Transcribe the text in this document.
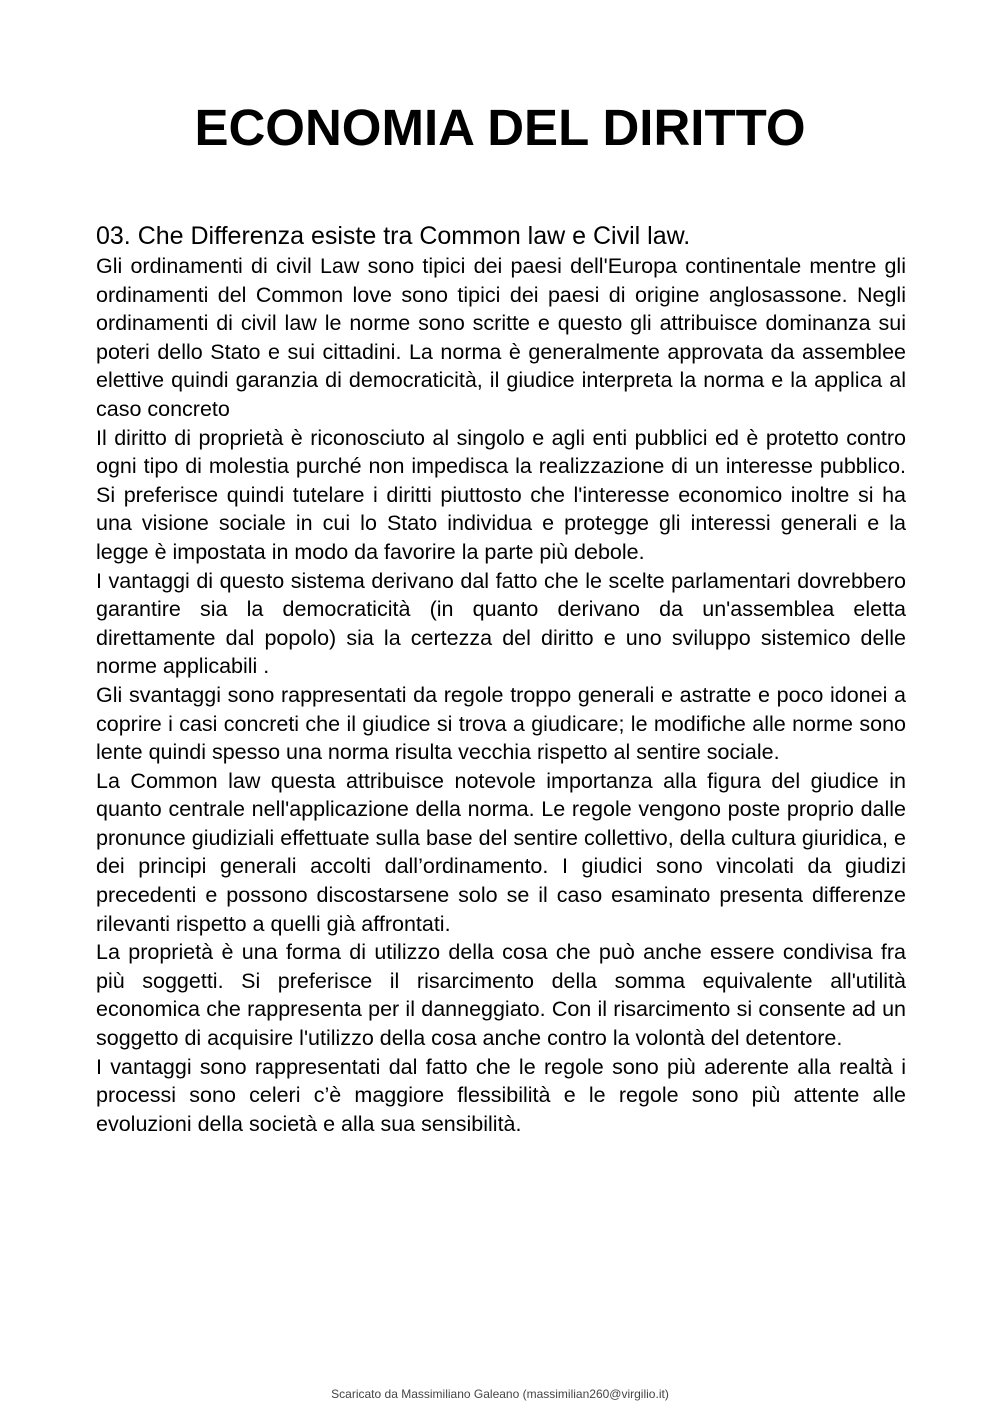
ECONOMIA DEL DIRITTO
03. Che Differenza esiste tra Common law e Civil law.

Gli ordinamenti di civil Law sono tipici dei paesi dell'Europa continentale mentre gli ordinamenti del Common love sono tipici dei paesi di origine anglosassone. Negli ordinamenti di civil law le norme sono scritte e questo gli attribuisce dominanza sui poteri dello Stato e sui cittadini. La norma è generalmente approvata da assemblee elettive quindi garanzia di democraticità, il giudice interpreta la norma e la applica al caso concreto

Il diritto di proprietà è riconosciuto al singolo e agli enti pubblici ed è protetto contro ogni tipo di molestia purché non impedisca la realizzazione di un interesse pubblico. Si preferisce quindi tutelare i diritti piuttosto che l'interesse economico inoltre si ha una visione sociale in cui lo Stato individua e protegge gli interessi generali e la legge è impostata in modo da favorire la parte più debole.

I vantaggi di questo sistema derivano dal fatto che le scelte parlamentari dovrebbero garantire sia la democraticità (in quanto derivano da un'assemblea eletta direttamente dal popolo) sia la certezza del diritto e uno sviluppo sistemico delle norme applicabili .

Gli svantaggi sono rappresentati da regole troppo generali e astratte e poco idonei a coprire i casi concreti che il giudice si trova a giudicare; le modifiche alle norme sono lente quindi spesso una norma risulta vecchia rispetto al sentire sociale.

La Common law questa attribuisce notevole importanza alla figura del giudice in quanto centrale nell'applicazione della norma. Le regole vengono poste proprio dalle pronunce giudiziali effettuate sulla base del sentire collettivo, della cultura giuridica, e dei principi generali accolti dall’ordinamento. I giudici sono vincolati da giudizi precedenti e possono discostarsene solo se il caso esaminato presenta differenze rilevanti rispetto a quelli già affrontati.

La proprietà è una forma di utilizzo della cosa che può anche essere condivisa fra più soggetti. Si preferisce il risarcimento della somma equivalente all'utilità economica che rappresenta per il danneggiato. Con il risarcimento si consente ad un soggetto di acquisire l'utilizzo della cosa anche contro la volontà del detentore.

I vantaggi sono rappresentati dal fatto che le regole sono più aderente alla realtà i processi sono celeri c’è maggiore flessibilità e le regole sono più attente alle evoluzioni della società e alla sua sensibilità.

Scaricato da Massimiliano Galeano (massimilian260@virgilio.it)
